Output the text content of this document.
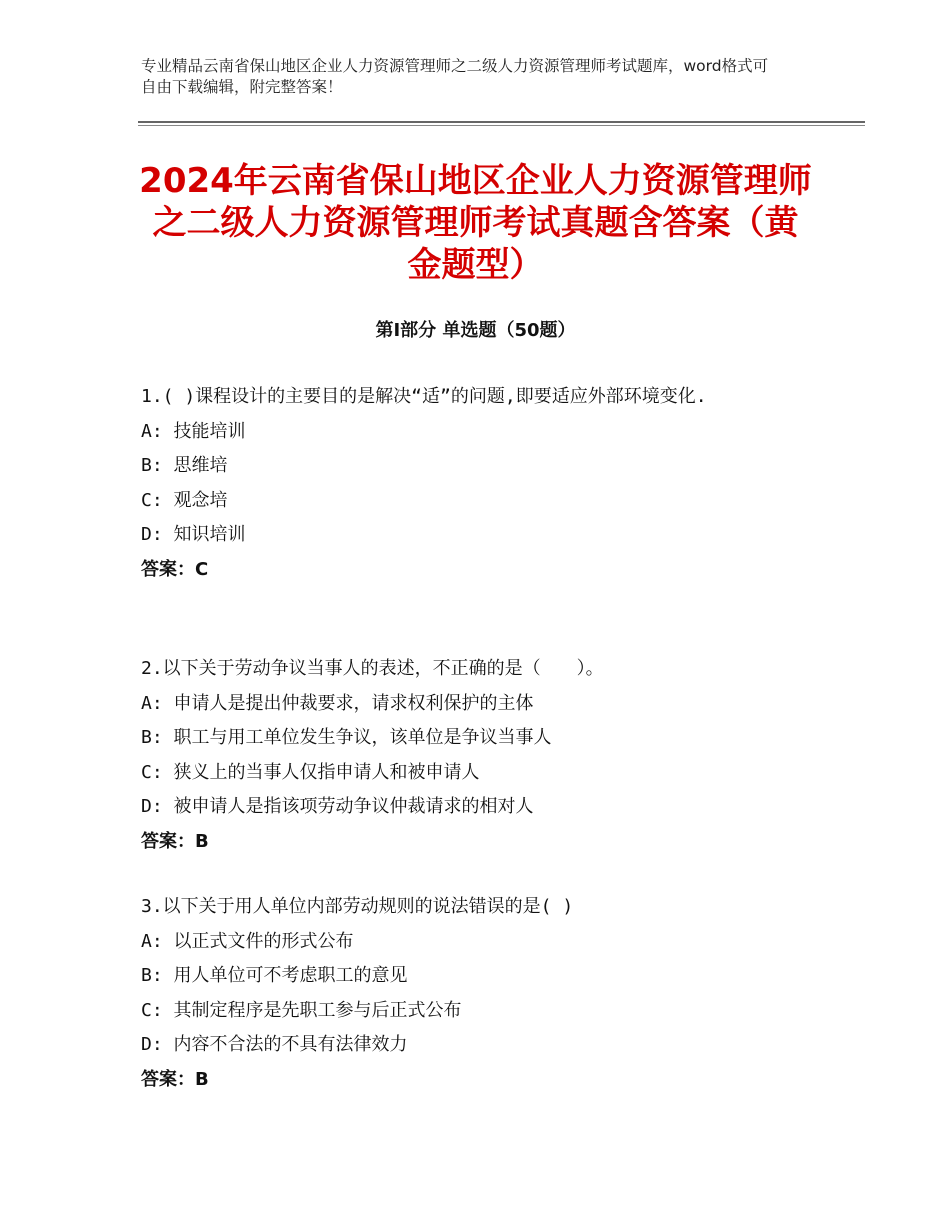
专业精品云南省保山地区企业人力资源管理师之二级人力资源管理师考试题库，word格式可自由下载编辑，附完整答案！
2024年云南省保山地区企业人力资源管理师之二级人力资源管理师考试真题含答案（黄金题型）
第Ⅰ部分 单选题（50题）
1.( )课程设计的主要目的是解决“适”的问题,即要适应外部环境变化.
A: 技能培训
B: 思维培
C: 观念培
D: 知识培训
答案：C
2.以下关于劳动争议当事人的表述，不正确的是（　　）。
A: 申请人是提出仲裁要求，请求权利保护的主体
B: 职工与用工单位发生争议，该单位是争议当事人
C: 狭义上的当事人仅指申请人和被申请人
D: 被申请人是指该项劳动争议仲裁请求的相对人
答案：B
3.以下关于用人单位内部劳动规则的说法错误的是( )
A: 以正式文件的形式公布
B: 用人单位可不考虑职工的意见
C: 其制定程序是先职工参与后正式公布
D: 内容不合法的不具有法律效力
答案：B
